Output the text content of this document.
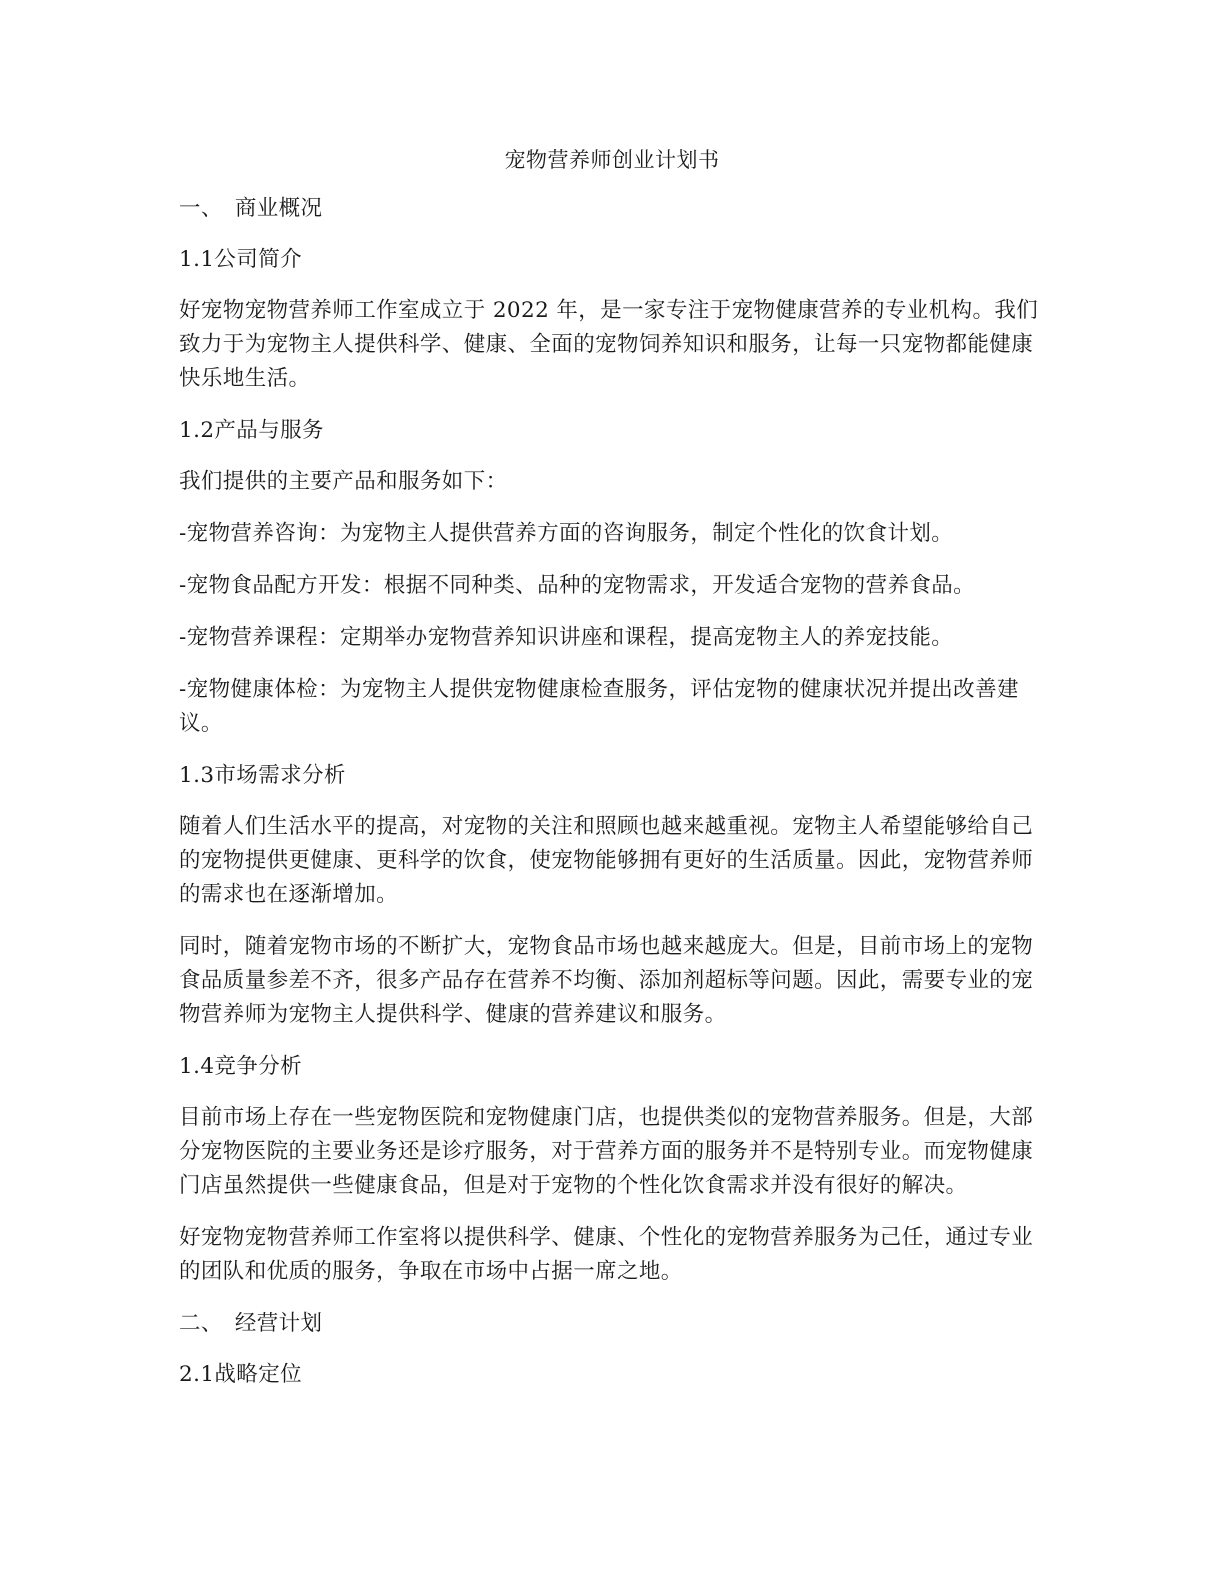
宠物营养师创业计划书

一、 商业概况

1.1公司简介

好宠物宠物营养师工作室成立于 2022 年，是一家专注于宠物健康营养的专业机构。我们致力于为宠物主人提供科学、健康、全面的宠物饲养知识和服务，让每一只宠物都能健康快乐地生活。

1.2产品与服务

我们提供的主要产品和服务如下：

-宠物营养咨询：为宠物主人提供营养方面的咨询服务，制定个性化的饮食计划。

-宠物食品配方开发：根据不同种类、品种的宠物需求，开发适合宠物的营养食品。

-宠物营养课程：定期举办宠物营养知识讲座和课程，提高宠物主人的养宠技能。

-宠物健康体检：为宠物主人提供宠物健康检查服务，评估宠物的健康状况并提出改善建议。

1.3市场需求分析

随着人们生活水平的提高，对宠物的关注和照顾也越来越重视。宠物主人希望能够给自己的宠物提供更健康、更科学的饮食，使宠物能够拥有更好的生活质量。因此，宠物营养师的需求也在逐渐增加。

同时，随着宠物市场的不断扩大，宠物食品市场也越来越庞大。但是，目前市场上的宠物食品质量参差不齐，很多产品存在营养不均衡、添加剂超标等问题。因此，需要专业的宠物营养师为宠物主人提供科学、健康的营养建议和服务。

1.4竞争分析

目前市场上存在一些宠物医院和宠物健康门店，也提供类似的宠物营养服务。但是，大部分宠物医院的主要业务还是诊疗服务，对于营养方面的服务并不是特别专业。而宠物健康门店虽然提供一些健康食品，但是对于宠物的个性化饮食需求并没有很好的解决。

好宠物宠物营养师工作室将以提供科学、健康、个性化的宠物营养服务为己任，通过专业的团队和优质的服务，争取在市场中占据一席之地。

二、 经营计划

2.1战略定位
